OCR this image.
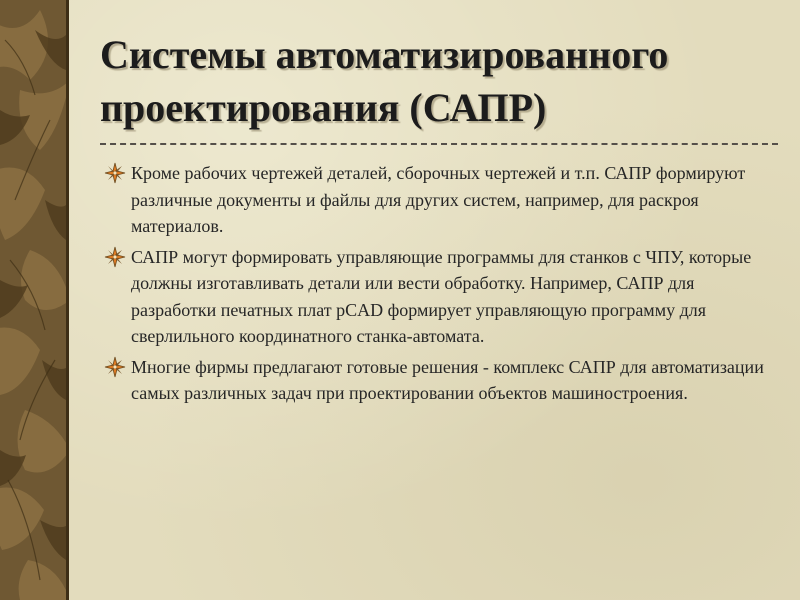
Системы автоматизированного проектирования (САПР)
Кроме рабочих чертежей деталей, сборочных чертежей и т.п. САПР формируют различные документы и файлы для других систем, например, для раскроя материалов.
САПР могут формировать управляющие программы для станков с ЧПУ, которые должны изготавливать детали или вести обработку. Например, САПР для разработки печатных плат pCAD формирует управляющую программу для сверлильного координатного станка-автомата.
Многие фирмы предлагают готовые решения - комплекс САПР для автоматизации самых различных задач при проектировании объектов машиностроения.
